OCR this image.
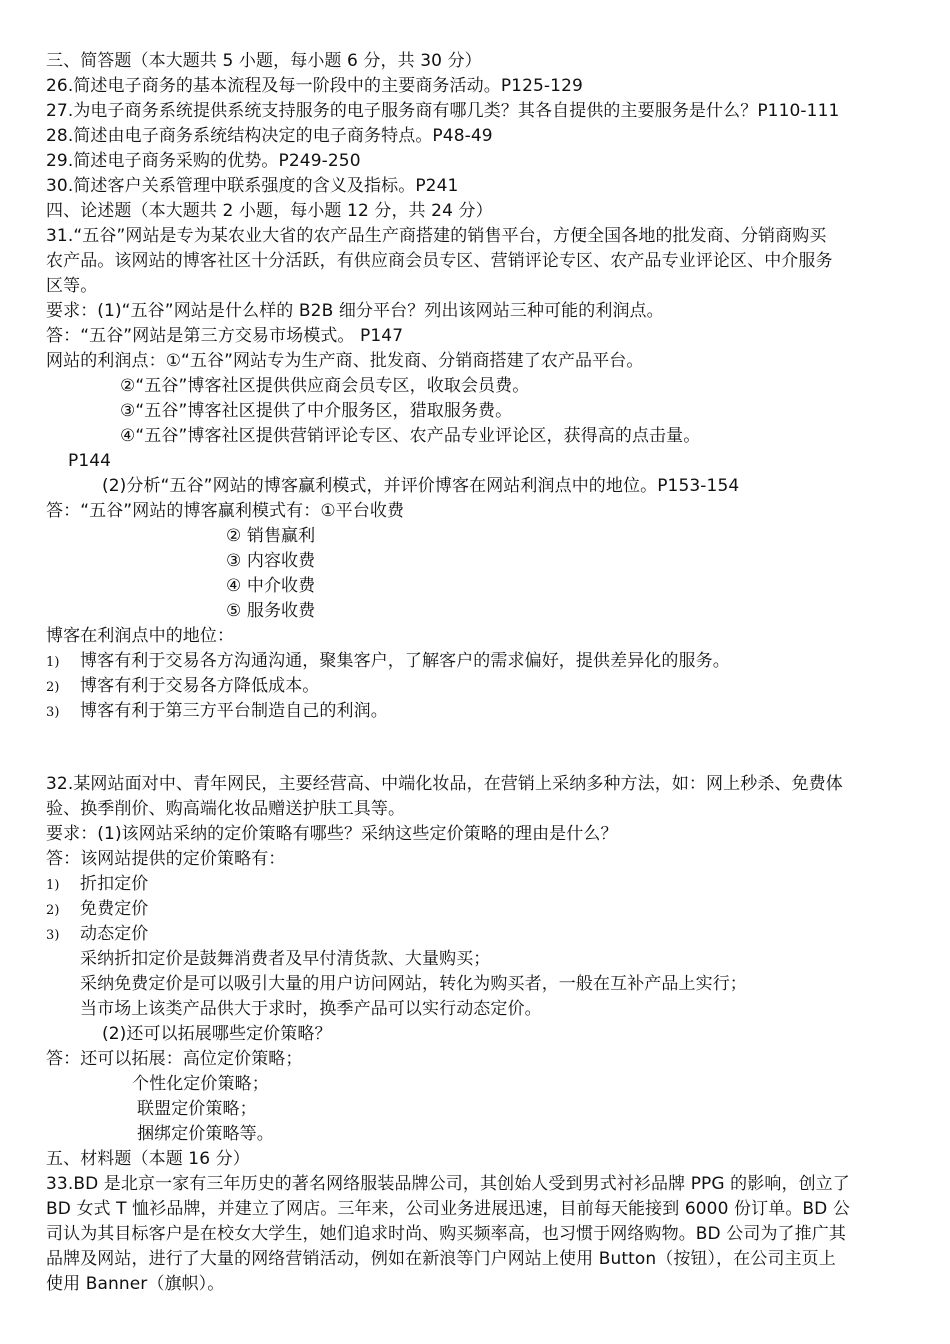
三、简答题（本大题共 5 小题，每小题 6 分，共 30 分）
26.简述电子商务的基本流程及每一阶段中的主要商务活动。P125-129
27.为电子商务系统提供系统支持服务的电子服务商有哪几类？其各自提供的主要服务是什么？P110-111
28.简述由电子商务系统结构决定的电子商务特点。P48-49
29.简述电子商务采购的优势。P249-250
30.简述客户关系管理中联系强度的含义及指标。P241
四、论述题（本大题共 2 小题，每小题 12 分，共 24 分）
31.“五谷”网站是专为某农业大省的农产品生产商搭建的销售平台，方便全国各地的批发商、分销商购买
农产品。该网站的博客社区十分活跃，有供应商会员专区、营销评论专区、农产品专业评论区、中介服务
区等。
要求：(1)“五谷”网站是什么样的 B2B 细分平台？列出该网站三种可能的利润点。
答：“五谷”网站是第三方交易市场模式。 P147
网站的利润点：①“五谷”网站专为生产商、批发商、分销商搭建了农产品平台。
②“五谷”博客社区提供供应商会员专区，收取会员费。
③“五谷”博客社区提供了中介服务区，猎取服务费。
④“五谷”博客社区提供营销评论专区、农产品专业评论区，获得高的点击量。
P144
(2)分析“五谷”网站的博客赢利模式，并评价博客在网站利润点中的地位。P153-154
答：“五谷”网站的博客赢利模式有：①平台收费
② 销售赢利
③ 内容收费
④ 中介收费
⑤ 服务收费
博客在利润点中的地位：
1) 博客有利于交易各方沟通沟通，聚集客户，了解客户的需求偏好，提供差异化的服务。
2) 博客有利于交易各方降低成本。
3) 博客有利于第三方平台制造自己的利润。
32.某网站面对中、青年网民，主要经营高、中端化妆品，在营销上采纳多种方法，如：网上秒杀、免费体
验、换季削价、购高端化妆品赠送护肤工具等。
要求：(1)该网站采纳的定价策略有哪些？采纳这些定价策略的理由是什么？
答：该网站提供的定价策略有：
1) 折扣定价
2) 免费定价
3) 动态定价
采纳折扣定价是鼓舞消费者及早付清货款、大量购买；
采纳免费定价是可以吸引大量的用户访问网站，转化为购买者，一般在互补产品上实行；
当市场上该类产品供大于求时，换季产品可以实行动态定价。
(2)还可以拓展哪些定价策略？
答：还可以拓展：高位定价策略；
个性化定价策略；
联盟定价策略；
捆绑定价策略等。
五、材料题（本题 16 分）
33.BD 是北京一家有三年历史的著名网络服装品牌公司，其创始人受到男式衬衫品牌 PPG 的影响，创立了
BD 女式 T 恤衫品牌，并建立了网店。三年来，公司业务进展迅速，目前每天能接到 6000 份订单。BD 公
司认为其目标客户是在校女大学生，她们追求时尚、购买频率高，也习惯于网络购物。BD 公司为了推广其
品牌及网站，进行了大量的网络营销活动，例如在新浪等门户网站上使用 Button（按钮），在公司主页上
使用 Banner（旗帜）。
